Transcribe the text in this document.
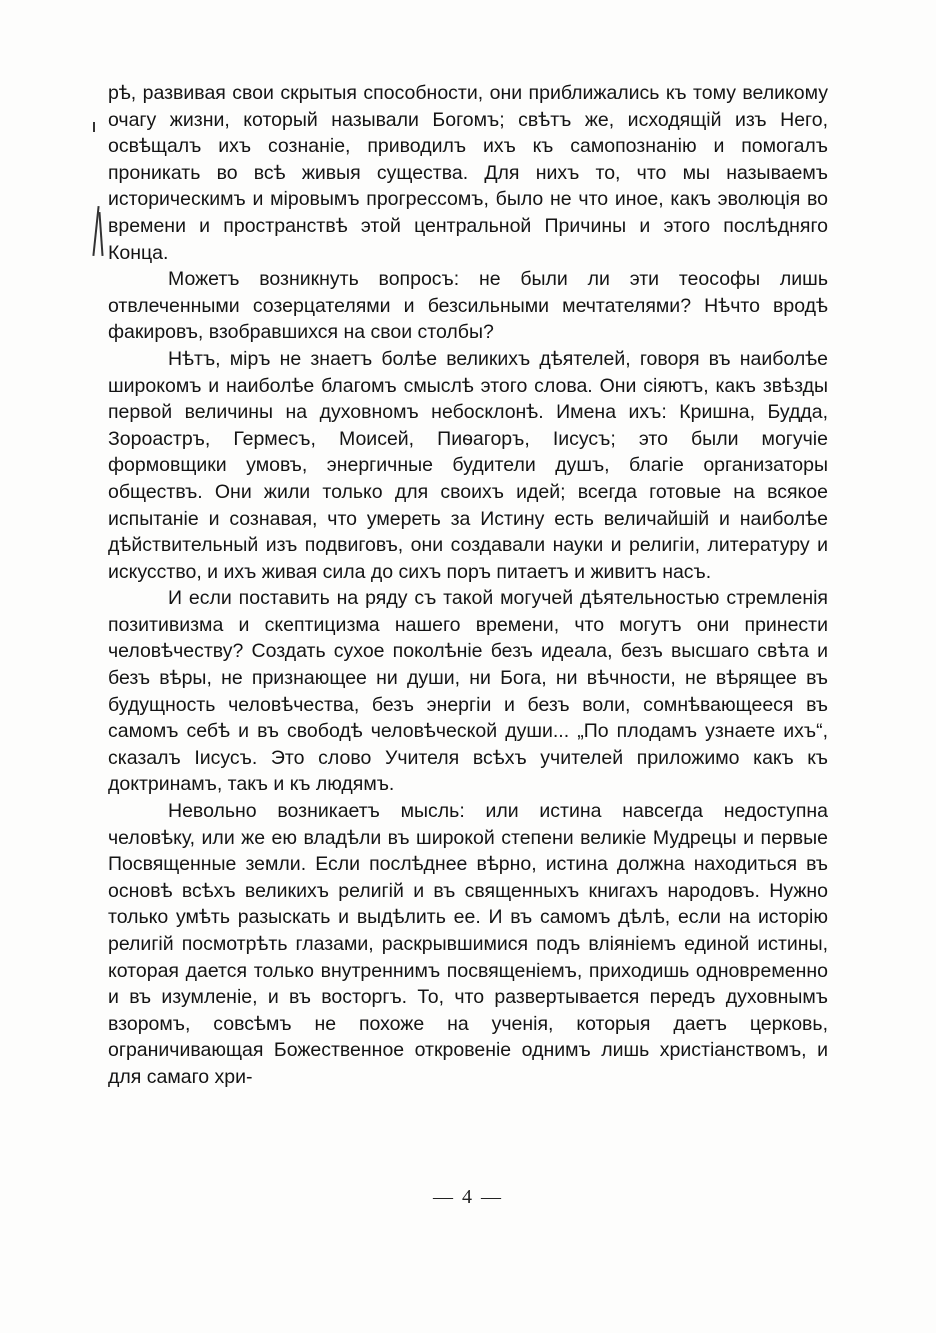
рѣ, развивая свои скрытыя способности, они приближались къ тому великому очагу жизни, который называли Богомъ; свѣтъ же, исходящій изъ Него, освѣщалъ ихъ сознаніе, приводилъ ихъ къ самопознанію и помогалъ проникать во всѣ живыя существа. Для нихъ то, что мы называемъ историческимъ и міровымъ прогрессомъ, было не что иное, какъ эволюція во времени и пространствѣ этой центральной Причины и этого послѣдняго Конца.

Можетъ возникнуть вопросъ: не были ли эти теософы лишь отвлеченными созерцателями и безсильными мечтателями? Нѣчто вродѣ факировъ, взобравшихся на свои столбы?

Нѣтъ, міръ не знаетъ болѣе великихъ дѣятелей, говоря въ наиболѣе широкомъ и наиболѣе благомъ смыслѣ этого слова. Они сіяютъ, какъ звѣзды первой величины на духовномъ небосклонѣ. Имена ихъ: Кришна, Будда, Зороастръ, Гермесъ, Моисей, Пиѳагоръ, Іисусъ; это были могучіе формовщики умовъ, энергичные будители душъ, благіе организаторы обществъ. Они жили только для своихъ идей; всегда готовые на всякое испытаніе и сознавая, что умереть за Истину есть величайшій и наиболѣе дѣйствительный изъ подвиговъ, они создавали науки и религіи, литературу и искусство, и ихъ живая сила до сихъ поръ питаетъ и живитъ насъ.

И если поставить на ряду съ такой могучей дѣятельностью стремленія позитивизма и скептицизма нашего времени, что могутъ они принести человѣчеству? Создать сухое поколѣніе безъ идеала, безъ высшаго свѣта и безъ вѣры, не признающее ни души, ни Бога, ни вѣчности, не вѣрящее въ будущность человѣчества, безъ энергіи и безъ воли, сомнѣвающееся въ самомъ себѣ и въ свободѣ человѣческой души... „По плодамъ узнаете ихъ“, сказалъ Іисусъ. Это слово Учителя всѣхъ учителей приложимо какъ къ доктринамъ, такъ и къ людямъ.

Невольно возникаетъ мысль: или истина навсегда недоступна человѣку, или же ею владѣли въ широкой степени великіе Мудрецы и первые Посвященные земли. Если послѣднее вѣрно, истина должна находиться въ основѣ всѣхъ великихъ религій и въ священныхъ книгахъ народовъ. Нужно только умѣть разыскать и выдѣлить ее. И въ самомъ дѣлѣ, если на исторію религій посмотрѣть глазами, раскрывшимися подъ вліяніемъ единой истины, которая дается только внутреннимъ посвященіемъ, приходишь одновременно и въ изумленіе, и въ восторгъ. То, что развертывается передъ духовнымъ взоромъ, совсѣмъ не похоже на ученія, которыя даетъ церковь, ограничивающая Божественное откровеніе однимъ лишь христіанствомъ, и для самаго хри-

— 4 —
